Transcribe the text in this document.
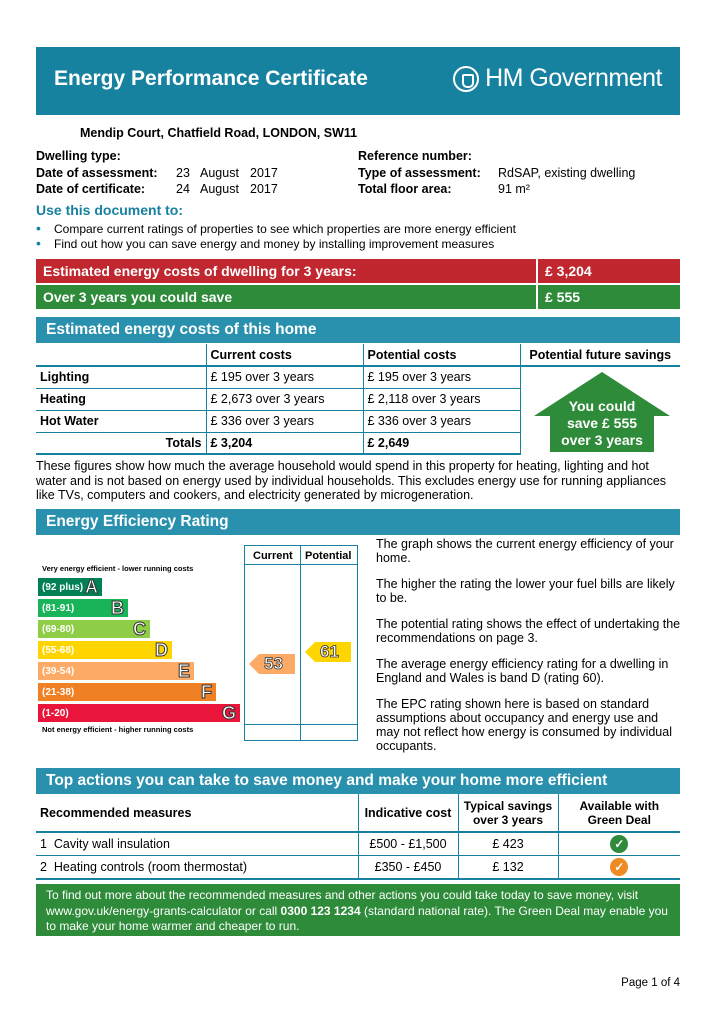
Energy Performance Certificate	HM Government
Mendip Court, Chatfield Road, LONDON, SW11
Dwelling type:
Date of assessment: 23 August 2017
Date of certificate: 24 August 2017
Reference number:
Type of assessment: RdSAP, existing dwelling
Total floor area:	91 m²
Use this document to:
• Compare current ratings of properties to see which properties are more energy efficient
• Find out how you can save energy and money by installing improvement measures
Estimated energy costs of dwelling for 3 years:	£ 3,204
Over 3 years you could save	£ 555
Estimated energy costs of this home
	Current costs	Potential costs	Potential future savings
Lighting	£ 195 over 3 years	£ 195 over 3 years	
Heating	£ 2,673 over 3 years	£ 2,118 over 3 years	
Hot Water	£ 336 over 3 years	£ 336 over 3 years	
Totals	£ 3,204	£ 2,649	
You could
save £ 555
over 3 years
These figures show how much the average household would spend in this property for heating, lighting and hot water and is not based on energy used by individual households. This excludes energy use for running appliances like TVs, computers and cookers, and electricity generated by microgeneration.
Energy Efficiency Rating
Very energy efficient - lower running costs
(92 plus) A
(81-91) B
(69-80)	C
(55-68)	D
(39-54)	E
(21-38)	F
(1-20)	G
Not energy efficient - higher running costs
Current Potential
53
61

The graph shows the current energy efficiency of your home.

The higher the rating the lower your fuel bills are likely to be.

The potential rating shows the effect of undertaking the recommendations on page 3.

The average energy efficiency rating for a dwelling in England and Wales is band D (rating 60).

The EPC rating shown here is based on standard assumptions about occupancy and energy use and may not reflect how energy is consumed by individual occupants.

Top actions you can take to save money and make your home more efficient
Recommended measures	Indicative cost	Typical savings over 3 years	Available with Green Deal
1 Cavity wall insulation	£500 - £1,500	£ 423	✓
2 Heating controls (room thermostat)	£350 - £450	£ 132	✓
To find out more about the recommended measures and other actions you could take today to save money, visit www.gov.uk/energy-grants-calculator or call 0300 123 1234 (standard national rate). The Green Deal may enable you to make your home warmer and cheaper to run.
Page 1 of 4
